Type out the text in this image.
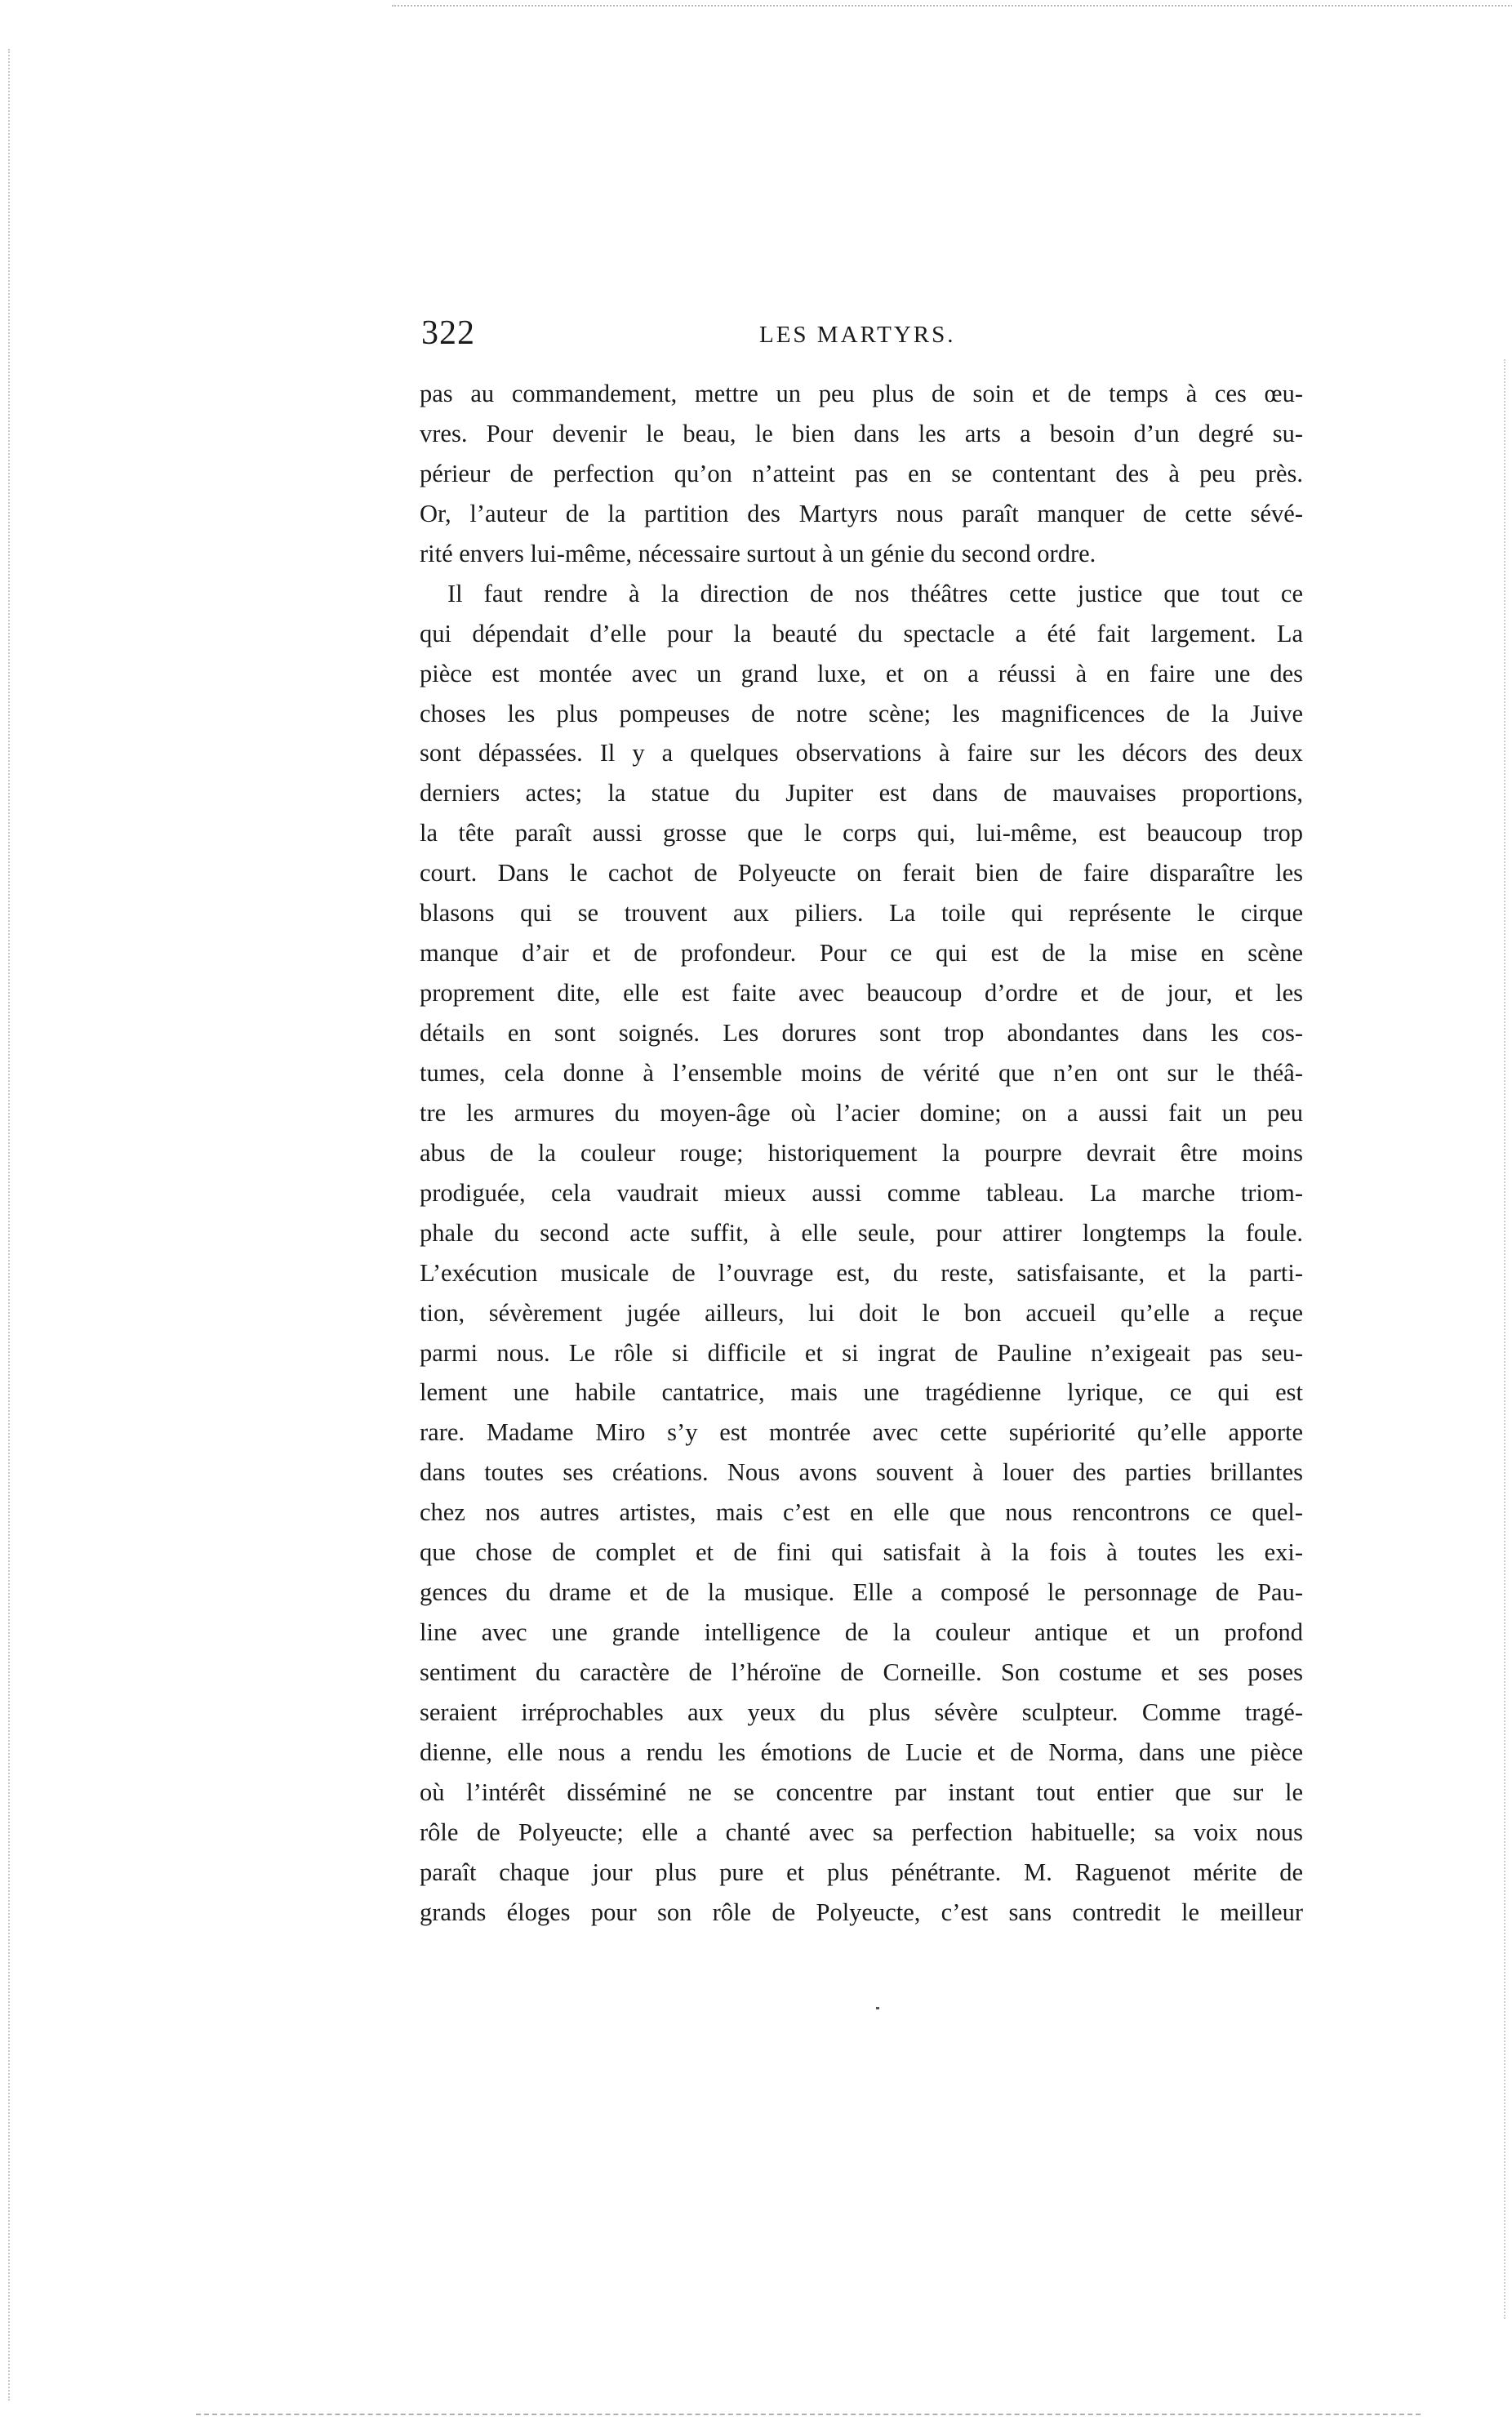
322	LES MARTYRS.
pas au commandement, mettre un peu plus de soin et de temps à ces œu-
vres. Pour devenir le beau, le bien dans les arts a besoin d’un degré su-
périeur de perfection qu’on n’atteint pas en se contentant des à peu près.
Or, l’auteur de la partition des Martyrs nous paraît manquer de cette sévé-
rité envers lui-même, nécessaire surtout à un génie du second ordre.
Il faut rendre à la direction de nos théâtres cette justice que tout ce
qui dépendait d’elle pour la beauté du spectacle a été fait largement. La
pièce est montée avec un grand luxe, et on a réussi à en faire une des
choses les plus pompeuses de notre scène; les magnificences de la Juive
sont dépassées. Il y a quelques observations à faire sur les décors des deux
derniers actes; la statue du Jupiter est dans de mauvaises proportions,
la tête paraît aussi grosse que le corps qui, lui-même, est beaucoup trop
court. Dans le cachot de Polyeucte on ferait bien de faire disparaître les
blasons qui se trouvent aux piliers. La toile qui représente le cirque
manque d’air et de profondeur. Pour ce qui est de la mise en scène
proprement dite, elle est faite avec beaucoup d’ordre et de jour, et les
détails en sont soignés. Les dorures sont trop abondantes dans les cos-
tumes, cela donne à l’ensemble moins de vérité que n’en ont sur le théâ-
tre les armures du moyen-âge où l’acier domine; on a aussi fait un peu
abus de la couleur rouge; historiquement la pourpre devrait être moins
prodiguée, cela vaudrait mieux aussi comme tableau. La marche triom-
phale du second acte suffit, à elle seule, pour attirer longtemps la foule.
L’exécution musicale de l’ouvrage est, du reste, satisfaisante, et la parti-
tion, sévèrement jugée ailleurs, lui doit le bon accueil qu’elle a reçue
parmi nous. Le rôle si difficile et si ingrat de Pauline n’exigeait pas seu-
lement une habile cantatrice, mais une tragédienne lyrique, ce qui est
rare. Madame Miro s’y est montrée avec cette supériorité qu’elle apporte
dans toutes ses créations. Nous avons souvent à louer des parties brillantes
chez nos autres artistes, mais c’est en elle que nous rencontrons ce quel-
que chose de complet et de fini qui satisfait à la fois à toutes les exi-
gences du drame et de la musique. Elle a composé le personnage de Pau-
line avec une grande intelligence de la couleur antique et un profond
sentiment du caractère de l’héroïne de Corneille. Son costume et ses poses
seraient irréprochables aux yeux du plus sévère sculpteur. Comme tragé-
dienne, elle nous a rendu les émotions de Lucie et de Norma, dans une pièce
où l’intérêt disséminé ne se concentre par instant tout entier que sur le
rôle de Polyeucte; elle a chanté avec sa perfection habituelle; sa voix nous
paraît chaque jour plus pure et plus pénétrante. M. Raguenot mérite de
grands éloges pour son rôle de Polyeucte, c’est sans contredit le meilleur
